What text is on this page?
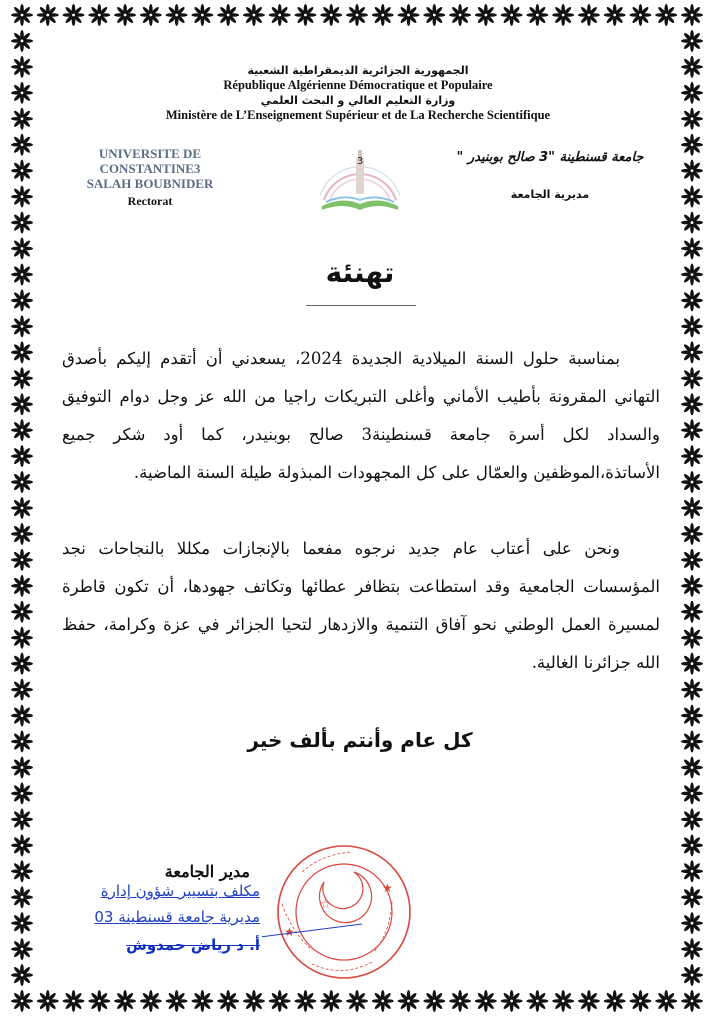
الجمهورية الجزائرية الديمقراطية الشعبية
République Algérienne Démocratique et Populaire
وزارة التعليم العالي و البحث العلمي
Ministère de L’Enseignement Supérieur et de La Recherche Scientifique
UNIVERSITE DE CONSTANTINE3
SALAH BOUBNIDER
Rectorat
3	جامعة قسنطينة "3 صالح بوبنيدر "
مديرية الجامعة
تهنئة
بمناسبة حلول السنة الميلادية الجديدة 2024، يسعدني أن أتقدم إليكم بأصدق التهاني المقرونة بأطيب الأماني وأغلى التبريكات راجيا من الله عز وجل دوام التوفيق والسداد لكل أسرة جامعة قسنطينة3 صالح بوبنيدر، كما أود شكر جميع الأساتذة،الموظفين والعمّال على كل المجهودات المبذولة طيلة السنة الماضية.
ونحن على أعتاب عام جديد نرجوه مفعما بالإنجازات مكللا بالنجاحات نجد المؤسسات الجامعية وقد استطاعت بتظافر عطائها وتكاتف جهودها، أن تكون قاطرة لمسيرة العمل الوطني نحو آفاق التنمية والازدهار لتحيا الجزائر في عزة وكرامة، حفظ الله جزائرنا الغالية.
كل عام وأنتم بألف خير
★
★
☆
مدير الجامعة
مكلف بتسيير شؤون إدارة
مديرية جامعة قسنطينة 03
أ. د رياض حمدوش
